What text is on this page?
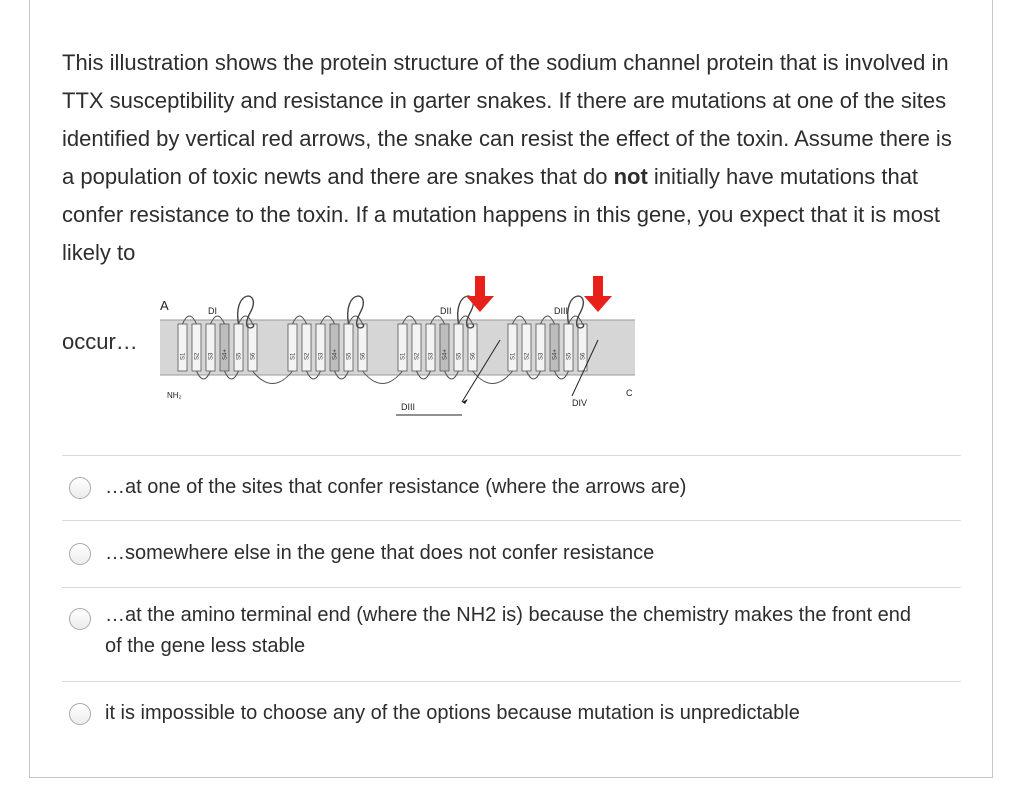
This illustration shows the protein structure of the sodium channel protein that is involved in TTX susceptibility and resistance in garter snakes. If there are mutations at one of the sites identified by vertical red arrows, the snake can resist the effect of the toxin. Assume there is a population of toxic newts and there are snakes that do not initially have mutations that confer resistance to the toxin. If a mutation happens in this gene, you expect that it is most likely to

occur…
A	DI	DII	DIII
DIII	DIV
NH₂	C
S1 S2 S3 S4+ S5 S6	S1 S2 S3 S4+ S5 S6	S1 S2 S3 S4+ S5 S6	S1 S2 S3 S4+ S5 S6
…at one of the sites that confer resistance (where the arrows are)
…somewhere else in the gene that does not confer resistance
…at the amino terminal end (where the NH2 is) because the chemistry makes the front end of the gene less stable
it is impossible to choose any of the options because mutation is unpredictable
